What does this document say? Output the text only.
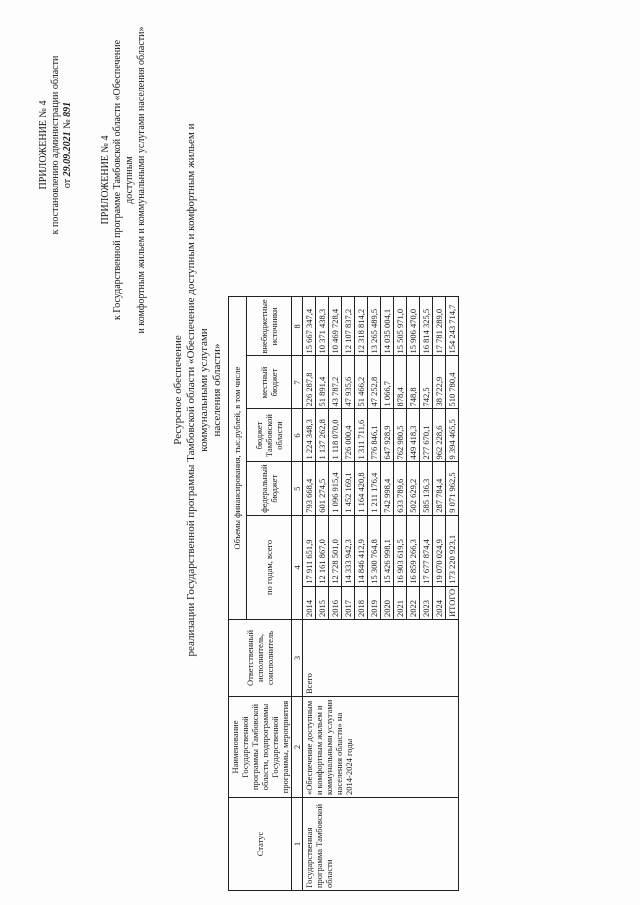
ПРИЛОЖЕНИЕ № 4 к постановлению администрации области от 29.09.2021 № 891
ПРИЛОЖЕНИЕ № 4 к Государственной программе Тамбовской области «Обеспечение доступным и комфортным жильем и коммунальными услугами населения области»
Ресурсное обеспечение реализации Государственной программы Тамбовской области «Обеспечение доступным и комфортным жильем и коммунальными услугами населения области»
Статус	Наименование Государственной программы Тамбовской области, подпрограммы Государственной программы, мероприятия	Ответственный исполнитель, соисполнитель	Объемы финансирования, тыс.рублей, в том числе					
			по годам, всего		федеральный бюджет	бюджет Тамбовской области	местный бюджет	внебюджетные источники
1	2	3	4		5	6	7	8
Государственная программа Тамбовской области	«Обеспечение доступным и комфортным жильем и коммунальными услугами населения области» на 2014-2024 годы	Всего	2014	17 911 651,9	793 668,4	1 224 348,3	226 287,8	15 667 347,4
			2015	12 161 867,0	601 274,5	1 137 262,8	51 891,4	10 371 438,3
			2016	12 728 501,0	1 096 915,4	1 118 070,0	43 787,2	10 469 728,4
			2017	14 333 942,3	1 452 169,1	726 000,4	47 935,6	12 107 837,2
			2018	14 846 412,9	1 164 420,8	1 311 711,6	51 466,2	12 318 814,2
			2019	15 300 764,8	1 211 176,4	776 846,1	47 252,8	13 265 489,5
			2020	15 426 998,1	742 998,4	647 928,9	1 066,7	14 035 004,1
			2021	16 903 619,5	633 789,6	762 980,5	878,4	15 505 971,0
			2022	16 859 266,3	502 629,2	449 418,3	748,8	15 906 470,0
			2023	17 677 874,4	585 136,3	277 670,1	742,5	16 814 325,5
			2024	19 070 024,9	287 784,4	962 228,6	38 722,9	17 781 289,0
			ИТОГО	173 220 923,1	9 071 962,5	9 394 465,5	510 780,4	154 243 714,7
